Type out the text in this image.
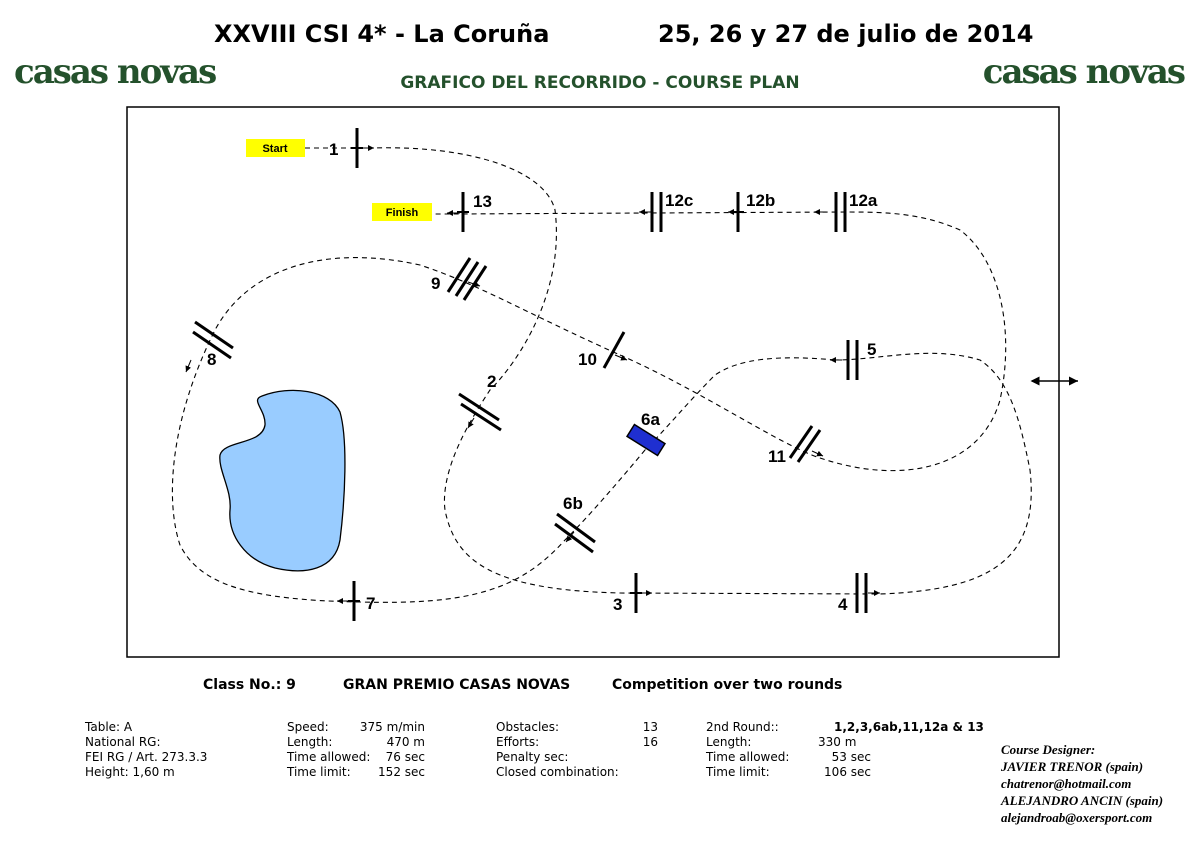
XXVIII CSI 4* - La Coruña	25, 26 y 27 de julio de 2014
casas novas	casas novas
GRAFICO DEL RECORRIDO - COURSE PLAN
1
2
3	4
5
6a
6b
7
8
9
10
11
12a
12b
12c
13
Start
Finish
Class No.: 9	GRAN PREMIO CASAS NOVAS	Competition over two rounds
Table: A
National RG:
FEI RG / Art. 273.3.3
Height: 1,60 m
Speed:	375 m/min
Length:	470 m
Time allowed: 76 sec
Time limit: 152 sec
Obstacles:	13
Efforts:	16
Penalty sec:
Closed combination:
2nd Round::	1,2,3,6ab,11,12a & 13
Length:	330 m
Time allowed:	53 sec
Time limit:	106 sec
Course Designer:
JAVIER TRENOR (spain)
chatrenor@hotmail.com
ALEJANDRO ANCIN (spain)
alejandroab@oxersport.com
